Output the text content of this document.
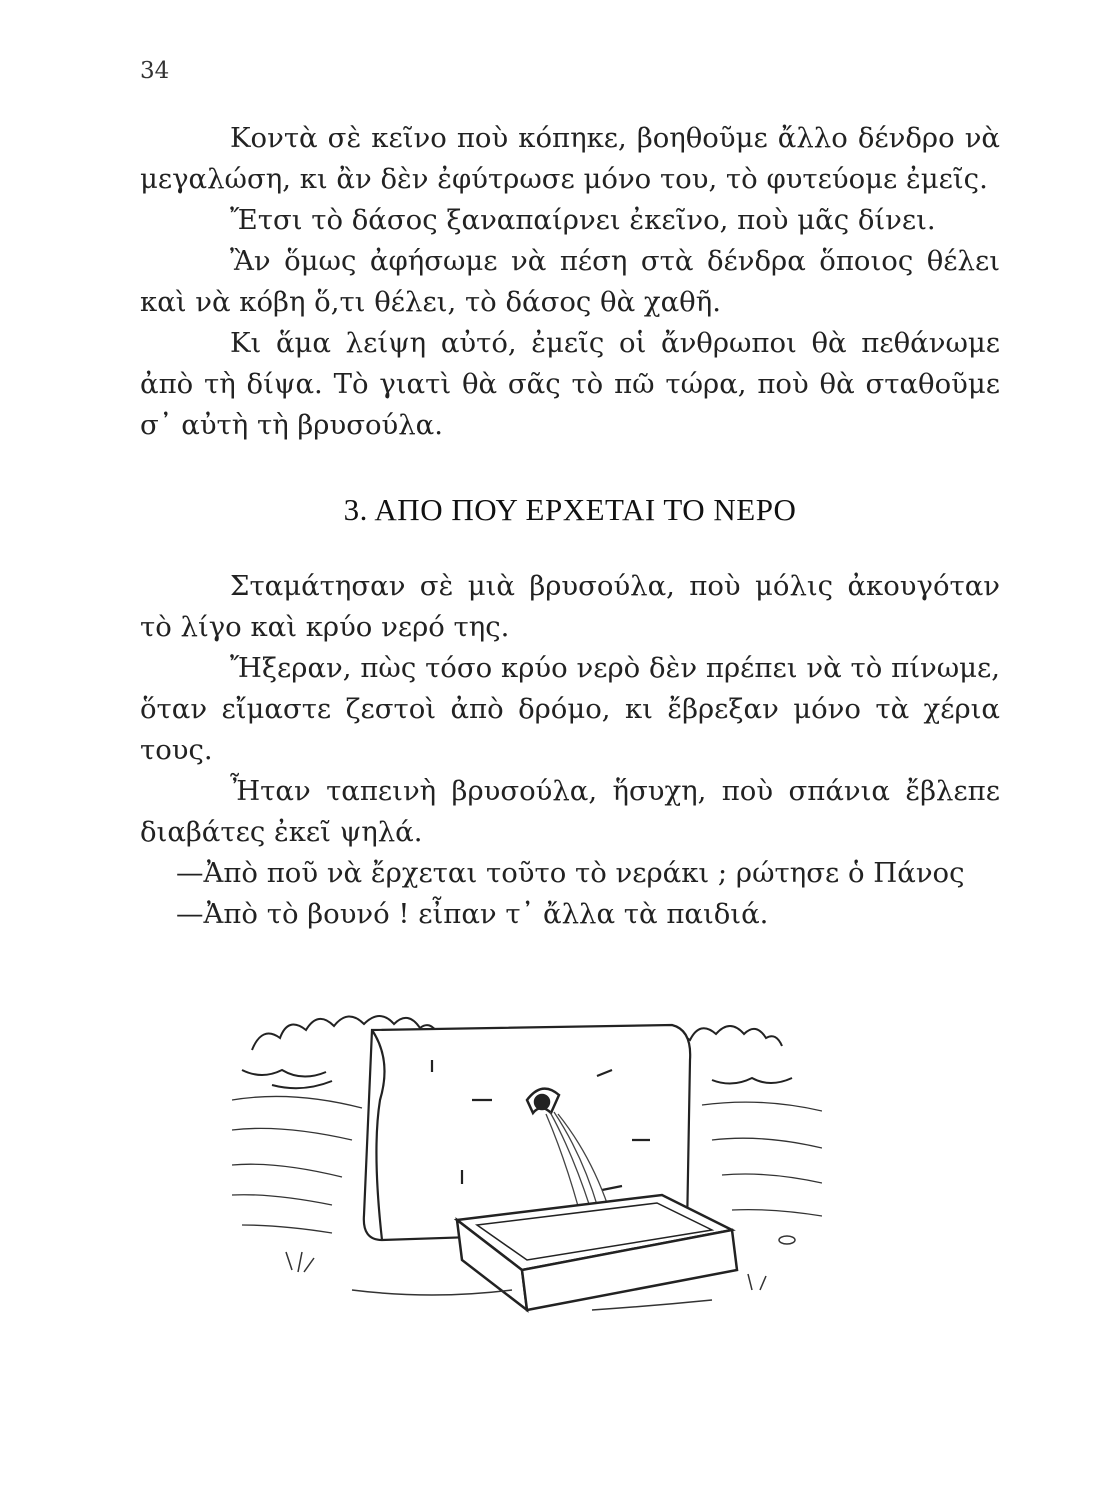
34

Κοντὰ σὲ κεῖνο ποὺ κόπηκε, βοηθοῦμε ἄλλο δένδρο νὰ μεγαλώση, κι ἂν δὲν ἐφύτρωσε μόνο του, τὸ φυτεύομε ἐμεῖς.

Ἔτσι τὸ δάσος ξαναπαίρνει ἐκεῖνο, ποὺ μᾶς δίνει.

Ἂν ὅμως ἀφήσωμε νὰ πέση στὰ δένδρα ὅποιος θέλει καὶ νὰ κόβη ὅ,τι θέλει, τὸ δάσος θὰ χαθῆ.

Κι ἅμα λείψη αὐτό, ἐμεῖς οἱ ἄνθρωποι θὰ πεθάνωμε ἀπὸ τὴ δίψα. Τὸ γιατὶ θὰ σᾶς τὸ πῶ τώρα, ποὺ θὰ σταθοῦμε σ᾽ αὐτὴ τὴ βρυσούλα.

3. ΑΠΟ ΠΟΥ ΕΡΧΕΤΑΙ ΤΟ ΝΕΡΟ

Σταμάτησαν σὲ μιὰ βρυσούλα, ποὺ μόλις ἀκουγόταν τὸ λίγο καὶ κρύο νερό της.

Ἤξεραν, πὼς τόσο κρύο νερὸ δὲν πρέπει νὰ τὸ πίνωμε, ὅταν εἴμαστε ζεστοὶ ἀπὸ δρόμο, κι ἔβρεξαν μόνο τὰ χέρια τους.

Ἦταν ταπεινὴ βρυσούλα, ἥσυχη, ποὺ σπάνια ἔβλεπε διαβάτες ἐκεῖ ψηλά.

—Ἀπὸ ποῦ νὰ ἔρχεται τοῦτο τὸ νεράκι ; ρώτησε ὁ Πάνος

—Ἀπὸ τὸ βουνό ! εἶπαν τ᾽ ἄλλα τὰ παιδιά.
